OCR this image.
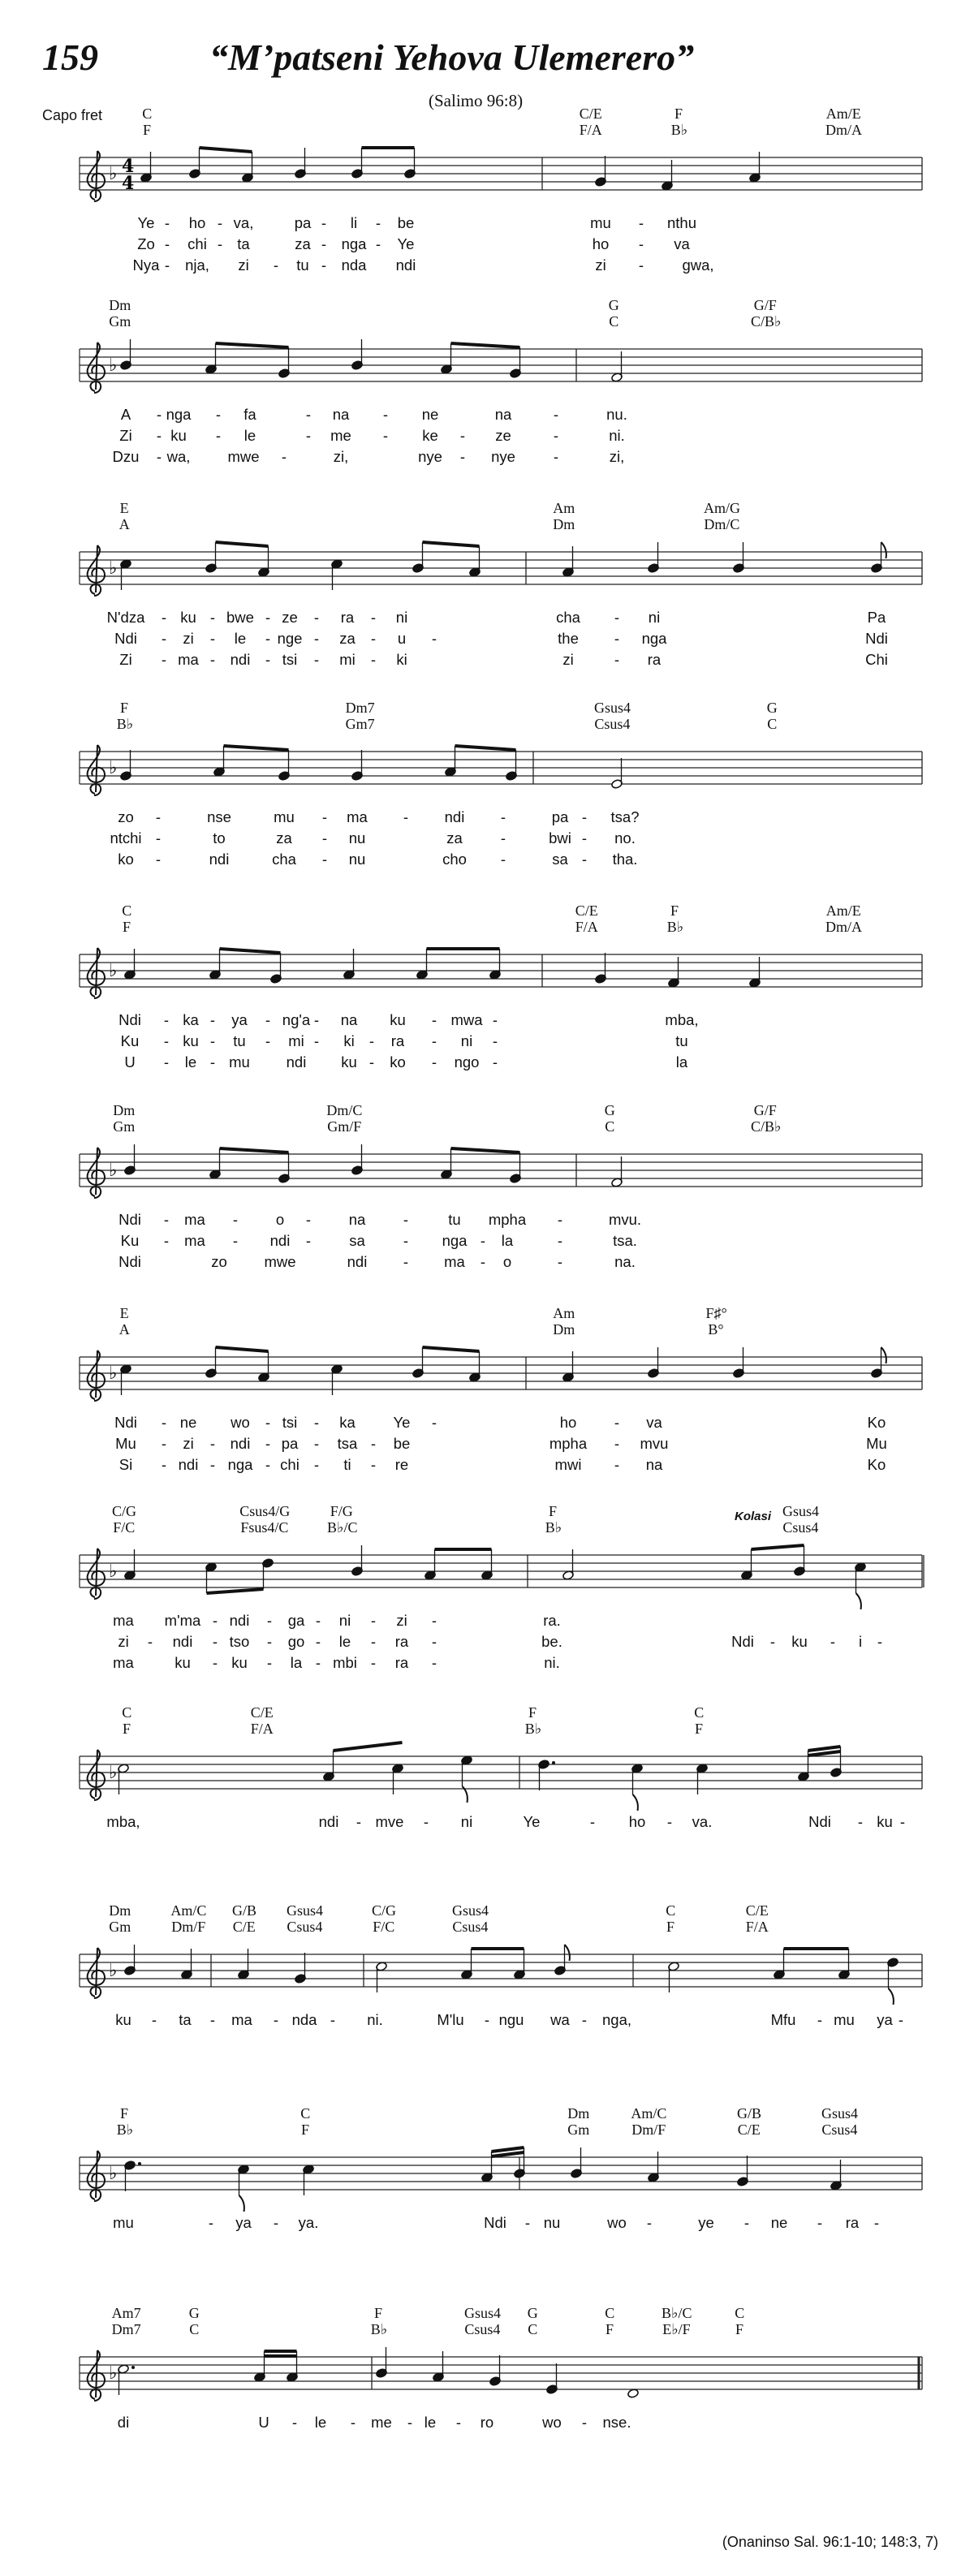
159	“M’patseni Yehova Ulemerero”
(Salimo 96:8)
Capo fret
(Onaninso Sal. 96:1-10; 148:3, 7)
C	C/E	F	Am/E
F	F/A	B♭	Dm/A
♭ 4
4
Ye - ho - va,	pa - li - be	mu - nthu
Zo - chi - ta	za - nga - Ye	ho - va
Nya - nja, zi - tu - nda ndi	zi -	gwa,
Dm	G	G/F
Gm	C	C/B♭
♭
A - nga - fa	- na - ne	na	-	nu.
Zi - ku - le	- me - ke - ze	-	ni.
Dzu - wa, mwe -	zi,	nye - nye	-	zi,
E	Am	Am/G
A	Dm	Dm/C
♭
N'dza - ku - bwe - ze - ra - ni	cha - ni	Pa
Ndi - zi - le - nge - za - u -	the - nga	Ndi
Zi - ma - ndi - tsi - mi - ki	zi	- ra	Chi
F	Dm7	Gsus4	G
B♭	Gm7	Csus4	C
♭
zo -	nse	mu - ma - ndi -	pa - tsa?
ntchi -	to	za - nu	za	-	bwi - no.
ko -	ndi	cha - nu	cho -	sa - tha.
C	C/E	F	Am/E
F	F/A	B♭	Dm/A
♭
Ndi - ka - ya - ng'a - na ku - mwa -	mba,
Ku - ku - tu - mi - ki - ra - ni -	tu
U - le - mu ndi ku - ko - ngo -	la
Dm	Dm/C	G	G/F
Gm	Gm/F	C	C/B♭
♭
Ndi - ma -	o -	na	-	tu mpha -	mvu.
Ku - ma - ndi -	sa	- nga - la	-	tsa.
Ndi	zo mwe	ndi - ma - o	-	na.
E	Am	F♯°
A	Dm	B°
♭
Ndi - ne wo - tsi - ka	Ye -	ho	- va	Ko
Mu - zi - ndi - pa - tsa - be	mpha - mvu	Mu
Si - ndi - nga - chi - ti - re	mwi - na	Ko
C/G	Csus4/G	F/G	F	Gsus4
F/C	Fsus4/C	B♭/C	B♭	Csus4
Kolasi
♭
ma m'ma - ndi - ga - ni - zi -	ra.
zi - ndi - tso - go - le - ra -	be.	Ndi - ku - i -
ma	ku - ku - la - mbi - ra -	ni.
C	C/E	F	C
F	F/A	B♭	F
♭
mba,	ndi - mve - ni	Ye	- ho - va.	Ndi - ku -
Dm	Am/C G/B Gsus4	C/G	Gsus4	C	C/E
Gm	Dm/F C/E Csus4	F/C	Csus4	F	F/A
♭
ku - ta - ma - nda - ni.	M'lu - ngu wa - nga,	Mfu - mu ya -
F	C	Dm	Am/C	G/B	Gsus4
B♭	F	Gm	Dm/F	C/E	Csus4
♭
mu	- ya - ya.	Ndi - nu	wo -	ye - ne - ra -
Am7	G	F	Gsus4 G	C	B♭/C	C
Dm7	C	B♭	Csus4 C	F	E♭/F	F
♭
di	U - le - me - le - ro	wo - nse.
